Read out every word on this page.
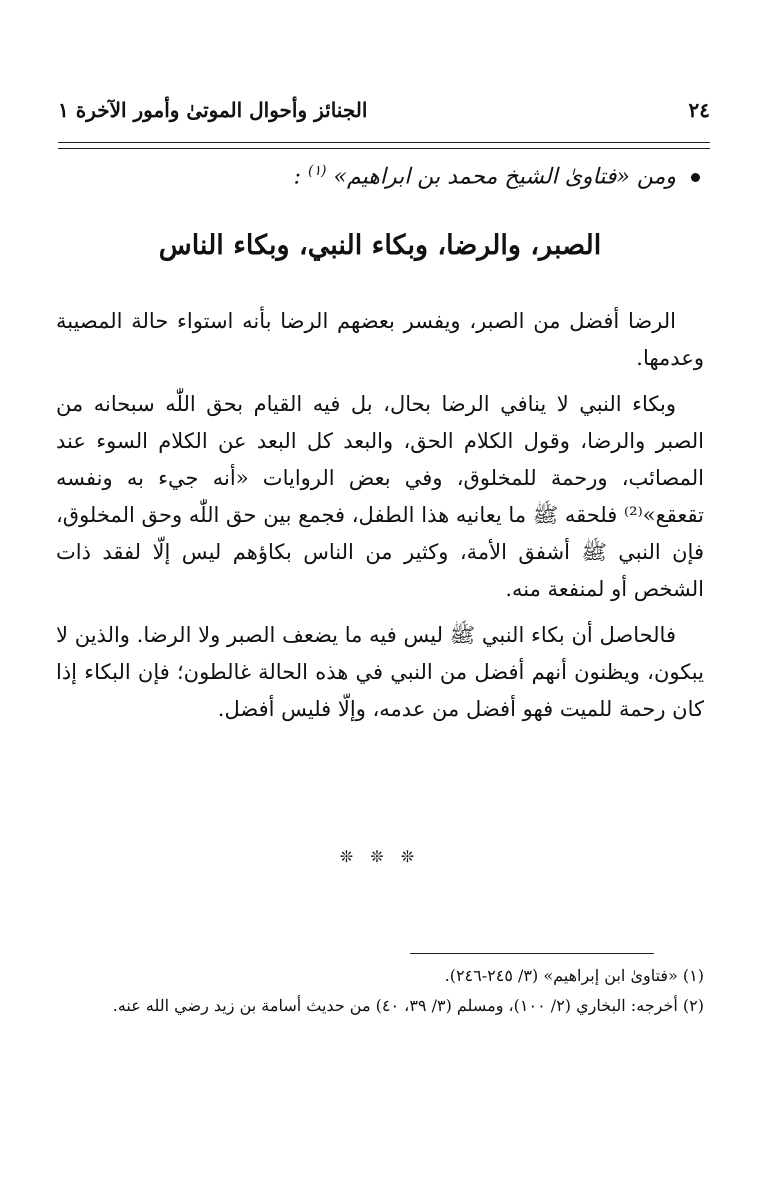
٢٤
الجنائز وأحوال الموتىٰ وأمور الآخرة ١
ومن «فتاوىٰ الشيخ محمد بن ابراهيم» $^{(١)}$ :
الصبر، والرضا، وبكاء النبي، وبكاء الناس

الرضا أفضل من الصبر، ويفسر بعضهم الرضا بأنه استواء حالة المصيبة وعدمها.

وبكاء النبي لا ينافي الرضا بحال، بل فيه القيام بحق اللّٰه سبحانه من الصبر والرضا، وقول الكلام الحق، والبعد كل البعد عن الكلام السوء عند المصائب، ورحمة للمخلوق، وفي بعض الروايات «أنه جيء به ونفسه تقعقع»⁽²⁾ فلحقه ﷺ ما يعانيه هذا الطفل، فجمع بين حق اللّٰه وحق المخلوق، فإن النبي ﷺ أشفق الأمة، وكثير من الناس بكاؤهم ليس إلّا لفقد ذات الشخص أو لمنفعة منه.

فالحاصل أن بكاء النبي ﷺ ليس فيه ما يضعف الصبر ولا الرضا. والذين لا يبكون، ويظنون أنهم أفضل من النبي في هذه الحالة غالطون؛ فإن البكاء إذا كان رحمة للميت فهو أفضل من عدمه، وإلّا فليس أفضل.

❊ ❊ ❊

(١) «فتاوىٰ ابن إبراهيم» (٣/ ٢٤٥-٢٤٦).

(٢) أخرجه: البخاري (٢/ ١٠٠)، ومسلم (٣/ ٣٩، ٤٠) من حديث أسامة بن زيد رضي الله عنه.
